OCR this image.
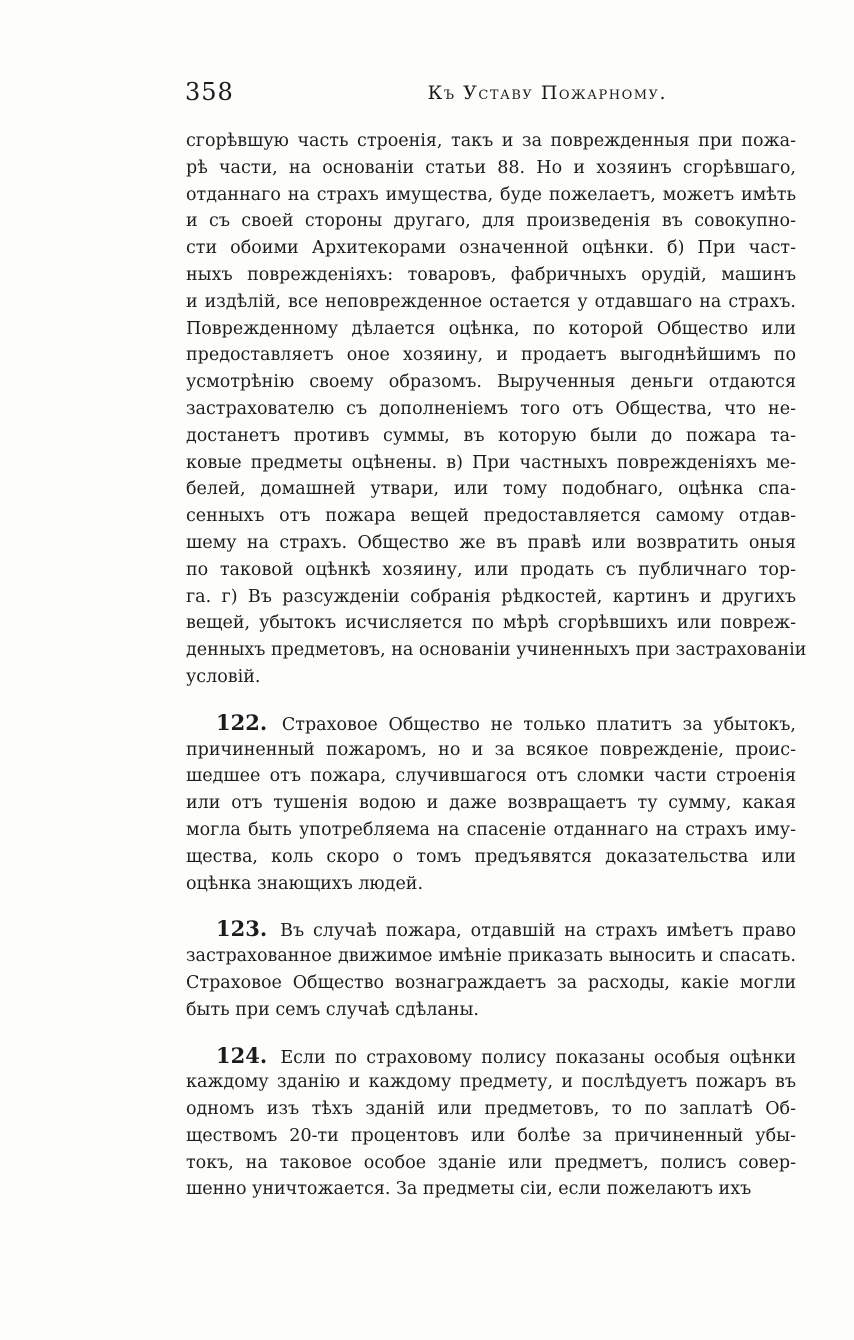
358	Къ Уставу Пожарному.
сгорѣвшую часть строенія, такъ и за поврежденныя при пожа-
рѣ части, на основаніи статьи 88. Но и хозяинъ сгорѣвшаго,
отданнаго на страхъ имущества, буде пожелаетъ, можетъ имѣть
и съ своей стороны другаго, для произведенія въ совокупно-
сти обоими Архитекорами означенной оцѣнки. б) При част-
ныхъ поврежденіяхъ: товаровъ, фабричныхъ орудій, машинъ
и издѣлій, все неповрежденное остается у отдавшаго на страхъ.
Поврежденному дѣлается оцѣнка, по которой Общество или
предоставляетъ оное хозяину, и продаетъ выгоднѣйшимъ по
усмотрѣнію своему образомъ. Вырученныя деньги отдаются
застрахователю съ дополненіемъ того отъ Общества, что не-
достанетъ противъ суммы, въ которую были до пожара та-
ковые предметы оцѣнены. в) При частныхъ поврежденіяхъ ме-
белей, домашней утвари, или тому подобнаго, оцѣнка спа-
сенныхъ отъ пожара вещей предоставляется самому отдав-
шему на страхъ. Общество же въ правѣ или возвратить оныя
по таковой оцѣнкѣ хозяину, или продать съ публичнаго тор-
га. г) Въ разсужденіи собранія рѣдкостей, картинъ и другихъ
вещей, убытокъ исчисляется по мѣрѣ сгорѣвшихъ или повреж-
денныхъ предметовъ, на основаніи учиненныхъ при застрахованіи
условій.
122. Страховое Общество не только платитъ за убытокъ,
причиненный пожаромъ, но и за всякое поврежденіе, проис-
шедшее отъ пожара, случившагося отъ сломки части строенія
или отъ тушенія водою и даже возвращаетъ ту сумму, какая
могла быть употребляема на спасеніе отданнаго на страхъ иму-
щества, коль скоро о томъ предъявятся доказательства или
оцѣнка знающихъ людей.
123. Въ случаѣ пожара, отдавшій на страхъ имѣетъ право
застрахованное движимое имѣніе приказать выносить и спасать.
Страховое Общество вознаграждаетъ за расходы, какіе могли
быть при семъ случаѣ сдѣланы.
124. Если по страховому полису показаны особыя оцѣнки
каждому зданію и каждому предмету, и послѣдуетъ пожаръ въ
одномъ изъ тѣхъ зданій или предметовъ, то по заплатѣ Об-
ществомъ 20-ти процентовъ или болѣе за причиненный убы-
токъ, на таковое особое зданіе или предметъ, полисъ совер-
шенно уничтожается. За предметы сіи, если пожелаютъ ихъ
